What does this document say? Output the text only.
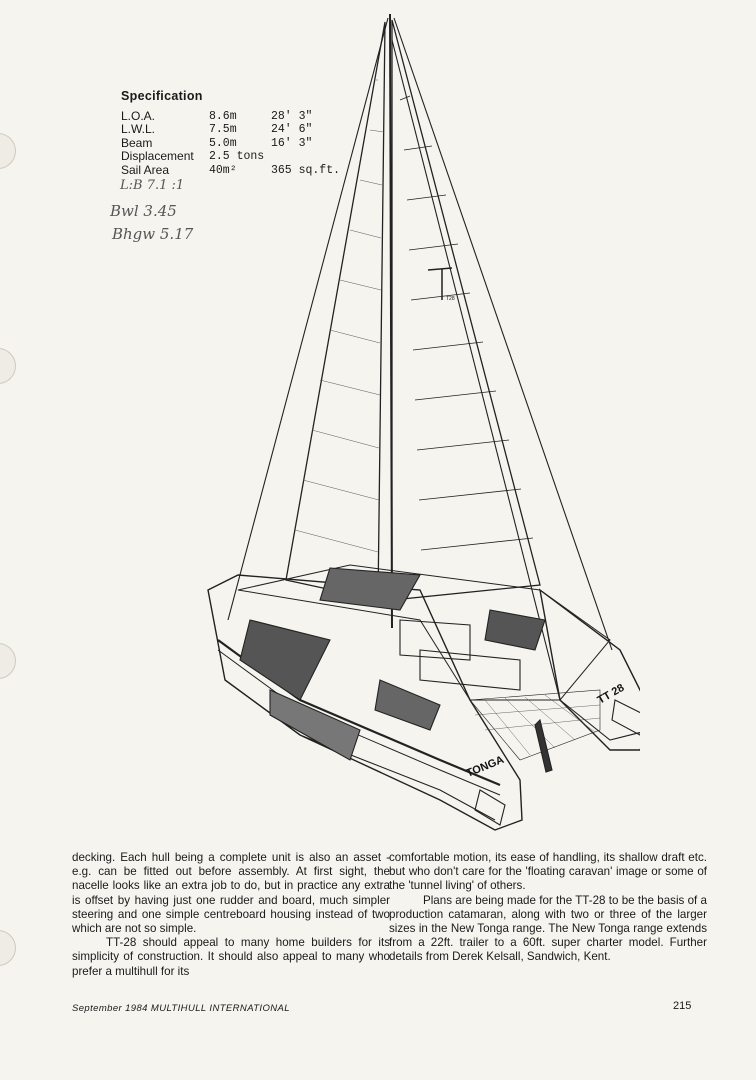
Specification
L.O.A.	8.6m	28' 3"
L.W.L.	7.5m	24' 6"
Beam	5.0m	16' 3"
Displacement	2.5 tons
Sail Area	40m²	365 sq.ft.
L:B 7.1 :1
Bwl 3.45
Bhgw 5.17
TONGA
TT 28
T28

decking. Each hull being a complete unit is also an asset - e.g. can be fitted out before assembly. At first sight, the nacelle looks like an extra job to do, but in practice any extra is offset by having just one rudder and board, much simpler steering and one simple centreboard housing instead of two which are not so simple.

TT-28 should appeal to many home builders for its simplicity of construction. It should also appeal to many who prefer a multihull for its

comfortable motion, its ease of handling, its shallow draft etc. but who don't care for the 'floating caravan' image or some of the 'tunnel living' of others.

Plans are being made for the TT-28 to be the basis of a production catamaran, along with two or three of the larger sizes in the New Tonga range. The New Tonga range extends from a 22ft. trailer to a 60ft. super charter model. Further details from Derek Kelsall, Sandwich, Kent.

September 1984 MULTIHULL INTERNATIONAL	215
